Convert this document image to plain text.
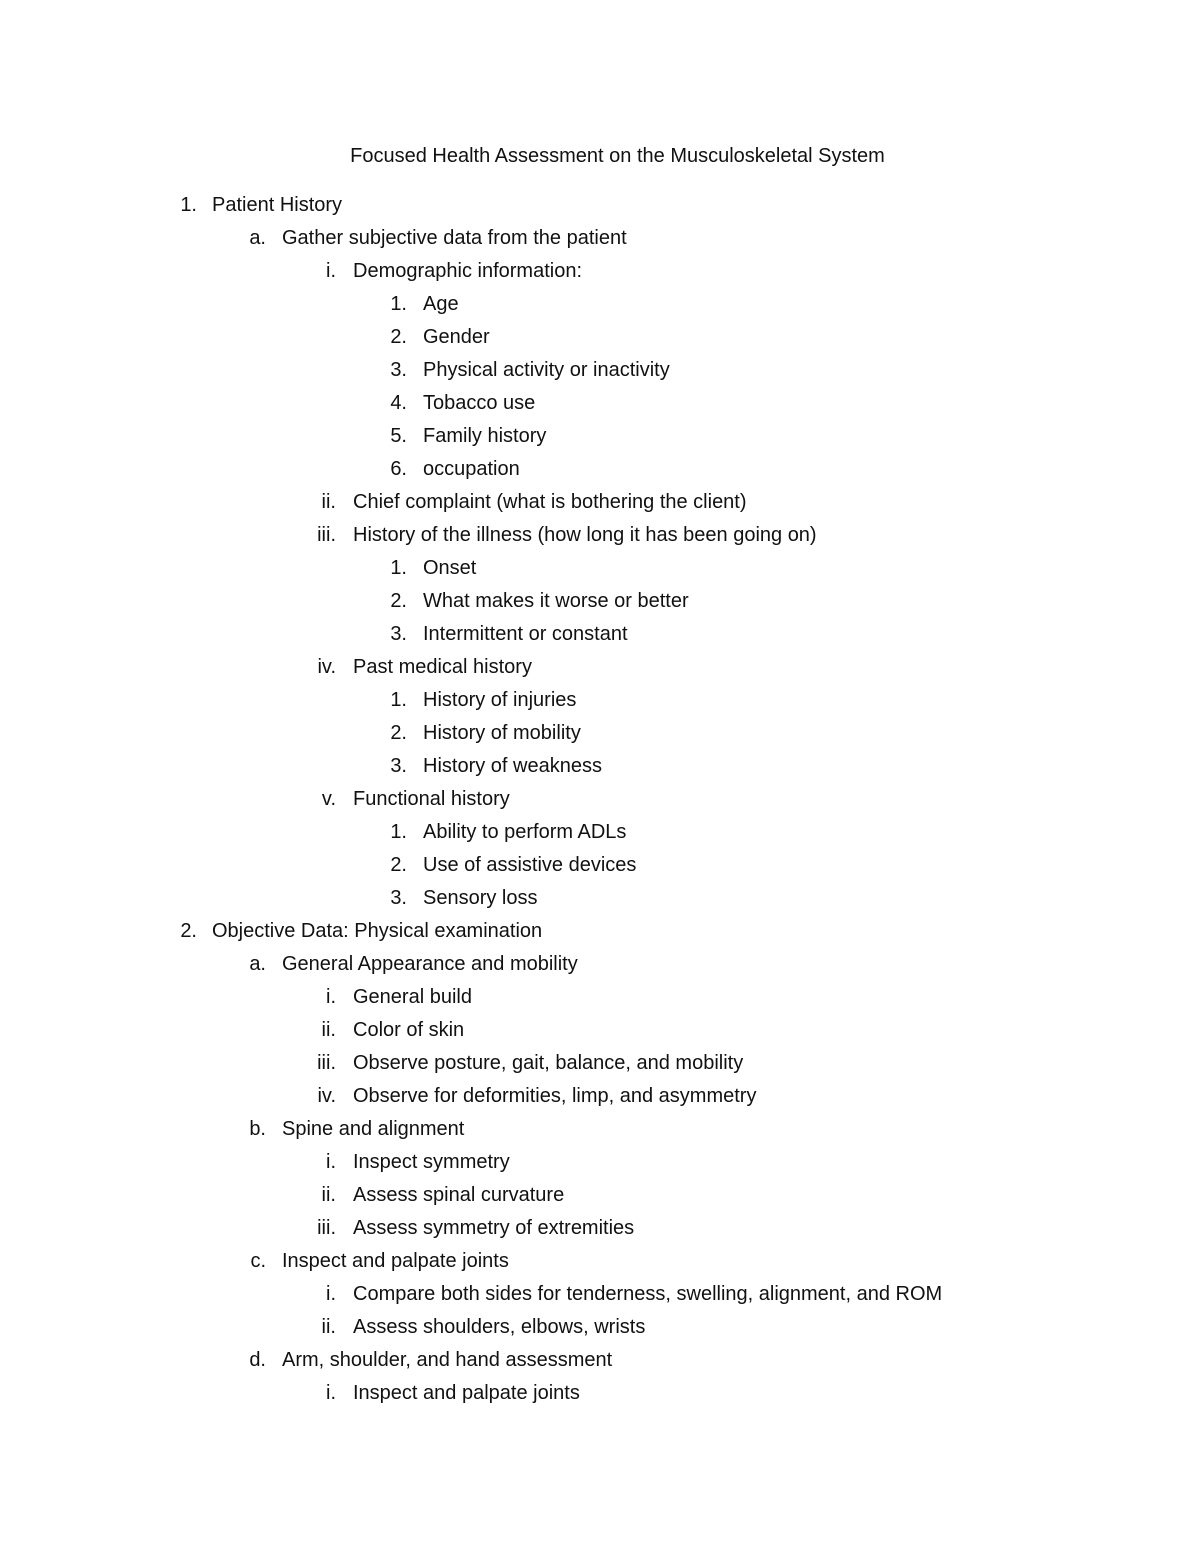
Focused Health Assessment on the Musculoskeletal System
1. Patient History
a. Gather subjective data from the patient
i. Demographic information:
1. Age
2. Gender
3. Physical activity or inactivity
4. Tobacco use
5. Family history
6. occupation
ii. Chief complaint (what is bothering the client)
iii. History of the illness (how long it has been going on)
1. Onset
2. What makes it worse or better
3. Intermittent or constant
iv. Past medical history
1. History of injuries
2. History of mobility
3. History of weakness
v. Functional history
1. Ability to perform ADLs
2. Use of assistive devices
3. Sensory loss
2. Objective Data: Physical examination
a. General Appearance and mobility
i. General build
ii. Color of skin
iii. Observe posture, gait, balance, and mobility
iv. Observe for deformities, limp, and asymmetry
b. Spine and alignment
i. Inspect symmetry
ii. Assess spinal curvature
iii. Assess symmetry of extremities
c. Inspect and palpate joints
i. Compare both sides for tenderness, swelling, alignment, and ROM
ii. Assess shoulders, elbows, wrists
d. Arm, shoulder, and hand assessment
i. Inspect and palpate joints
